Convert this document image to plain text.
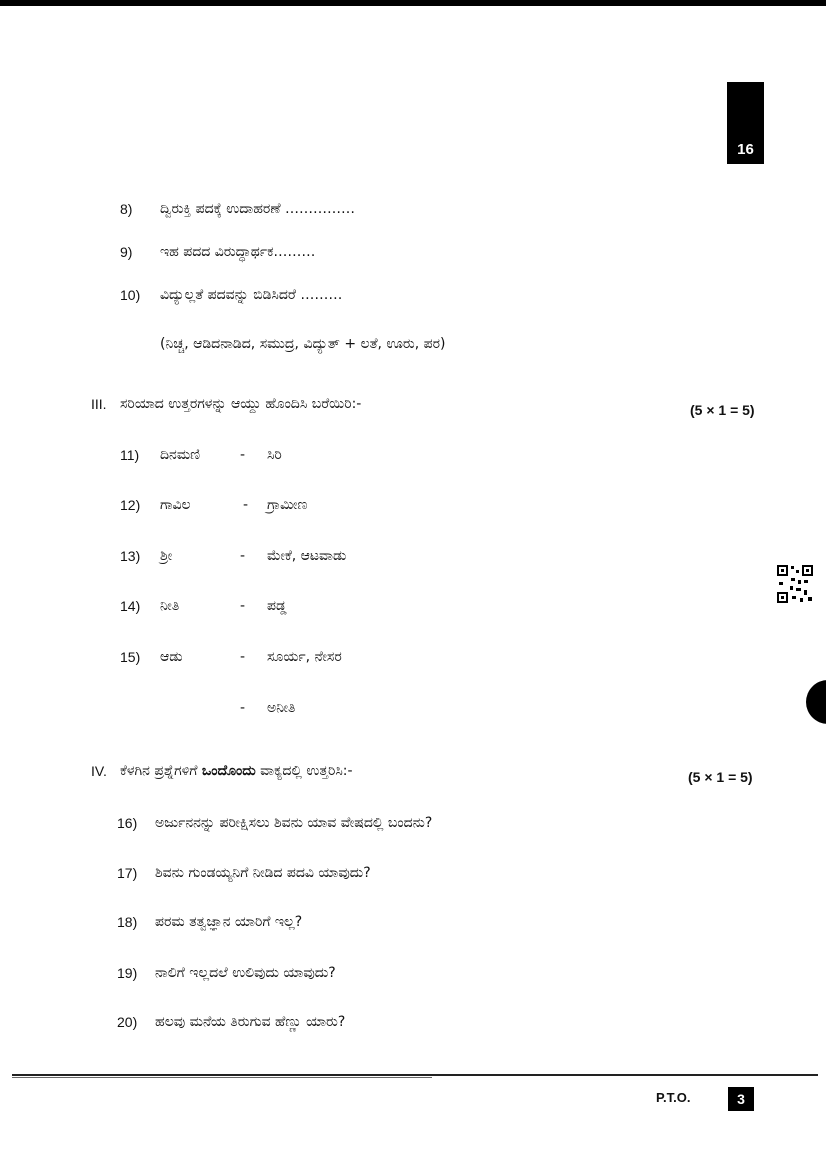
16
8) ದ್ವಿರುಕ್ತಿ ಪದಕ್ಕೆ ಉದಾಹರಣೆ ……………
9) ಇಹ ಪದದ ವಿರುದ್ಧಾರ್ಥಕ………
10) ವಿದ್ಯುಲ್ಲತೆ ಪದವನ್ನು ಬಿಡಿಸಿದರೆ ………
(ನಿಚ್ಚ, ಆಡಿದನಾಡಿದ, ಸಮುದ್ರ, ವಿದ್ಯುತ್ + ಲತೆ, ಊರು, ಪರ)
III. ಸರಿಯಾದ ಉತ್ತರಗಳನ್ನು ಆಯ್ದು ಹೊಂದಿಸಿ ಬರೆಯಿರಿ:-	(5 × 1 = 5)
11) ದಿನಮಣಿ	- ಸಿರಿ
12) ಗಾವಿಲ	- ಗ್ರಾಮೀಣ
13) ಶ್ರೀ	- ಮೇಕೆ, ಆಟವಾಡು
14) ನೀತಿ	- ಪಡ್ಡ
15) ಆಡು	- ಸೂರ್ಯ, ನೇಸರ
- ಅನೀತಿ
IV. ಕೆಳಗಿನ ಪ್ರಶ್ನೆಗಳಿಗೆ ಒಂದೊಂದು ವಾಕ್ಯದಲ್ಲಿ ಉತ್ತರಿಸಿ:-	(5 × 1 = 5)
16) ಅರ್ಜುನನನ್ನು ಪರೀಕ್ಷಿಸಲು ಶಿವನು ಯಾವ ವೇಷದಲ್ಲಿ ಬಂದನು?
17) ಶಿವನು ಗುಂಡಯ್ಯನಿಗೆ ನೀಡಿದ ಪದವಿ ಯಾವುದು?
18) ಪರಮ ತತ್ವಜ್ಞಾನ ಯಾರಿಗೆ ಇಲ್ಲ?
19) ನಾಲಿಗೆ ಇಲ್ಲದಲೆ ಉಲಿವುದು ಯಾವುದು?
20) ಹಲವು ಮನೆಯ ತಿರುಗುವ ಹೆಣ್ಣು ಯಾರು?
P.T.O.	3
